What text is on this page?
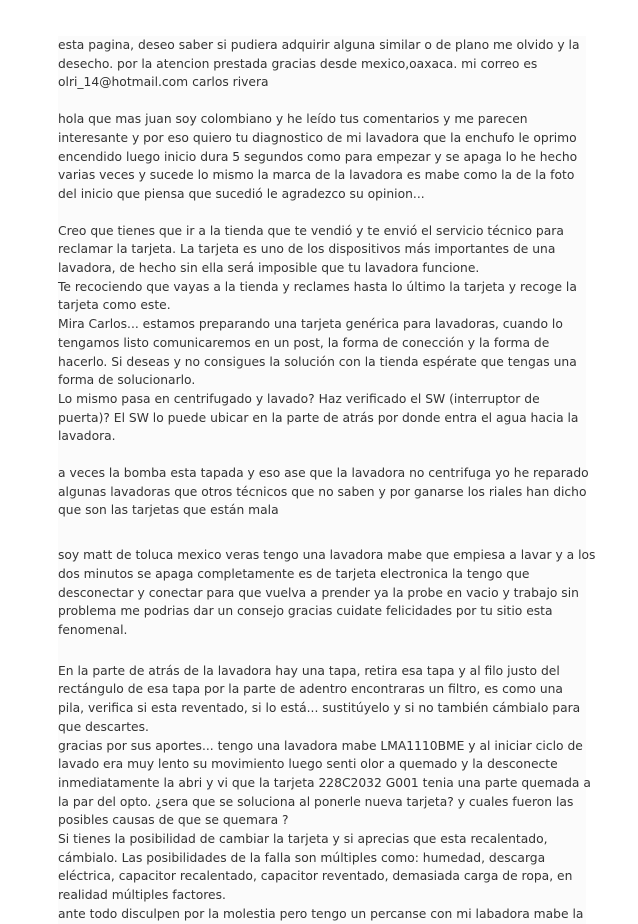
esta pagina, deseo saber si pudiera adquirir alguna similar o de plano me olvido y la

desecho. por la atencion prestada gracias desde mexico,oaxaca. mi correo es

olri_14@hotmail.com carlos rivera

hola que mas juan soy colombiano y he leído tus comentarios y me parecen

interesante y por eso quiero tu diagnostico de mi lavadora que la enchufo le oprimo

encendido luego inicio dura 5 segundos como para empezar y se apaga lo he hecho

varias veces y sucede lo mismo la marca de la lavadora es mabe como la de la foto

del inicio que piensa que sucedió le agradezco su opinion...

Creo que tienes que ir a la tienda que te vendió y te envió el servicio técnico para

reclamar la tarjeta. La tarjeta es uno de los dispositivos más importantes de una

lavadora, de hecho sin ella será imposible que tu lavadora funcione.

Te recociendo que vayas a la tienda y reclames hasta lo último la tarjeta y recoge la

tarjeta como este.

Mira Carlos... estamos preparando una tarjeta genérica para lavadoras, cuando lo

tengamos listo comunicaremos en un post, la forma de conección y la forma de

hacerlo. Si deseas y no consigues la solución con la tienda espérate que tengas una

forma de solucionarlo.

Lo mismo pasa en centrifugado y lavado? Haz verificado el SW (interruptor de

puerta)? El SW lo puede ubicar en la parte de atrás por donde entra el agua hacia la

lavadora.

a veces la bomba esta tapada y eso ase que la lavadora no centrifuga yo he reparado

algunas lavadoras que otros técnicos que no saben y por ganarse los riales han dicho

que son las tarjetas que están mala

soy matt de toluca mexico veras tengo una lavadora mabe que empiesa a lavar y a los

dos minutos se apaga completamente es de tarjeta electronica la tengo que

desconectar y conectar para que vuelva a prender ya la probe en vacio y trabajo sin

problema me podrias dar un consejo gracias cuidate felicidades por tu sitio esta

fenomenal.

En la parte de atrás de la lavadora hay una tapa, retira esa tapa y al filo justo del

rectángulo de esa tapa por la parte de adentro encontraras un filtro, es como una

pila, verifica si esta reventado, si lo está... sustitúyelo y si no también cámbialo para

que descartes.

gracias por sus aportes... tengo una lavadora mabe LMA1110BME y al iniciar ciclo de

lavado era muy lento su movimiento luego senti olor a quemado y la desconecte

inmediatamente la abri y vi que la tarjeta 228C2032 G001 tenia una parte quemada a

la par del opto. ¿sera que se soluciona al ponerle nueva tarjeta? y cuales fueron las

posibles causas de que se quemara ?

Si tienes la posibilidad de cambiar la tarjeta y si aprecias que esta recalentado,

cámbialo. Las posibilidades de la falla son múltiples como: humedad, descarga

eléctrica, capacitor recalentado, capacitor reventado, demasiada carga de ropa, en

realidad múltiples factores.

ante todo disculpen por la molestia pero tengo un percanse con mi labadora mabe la
